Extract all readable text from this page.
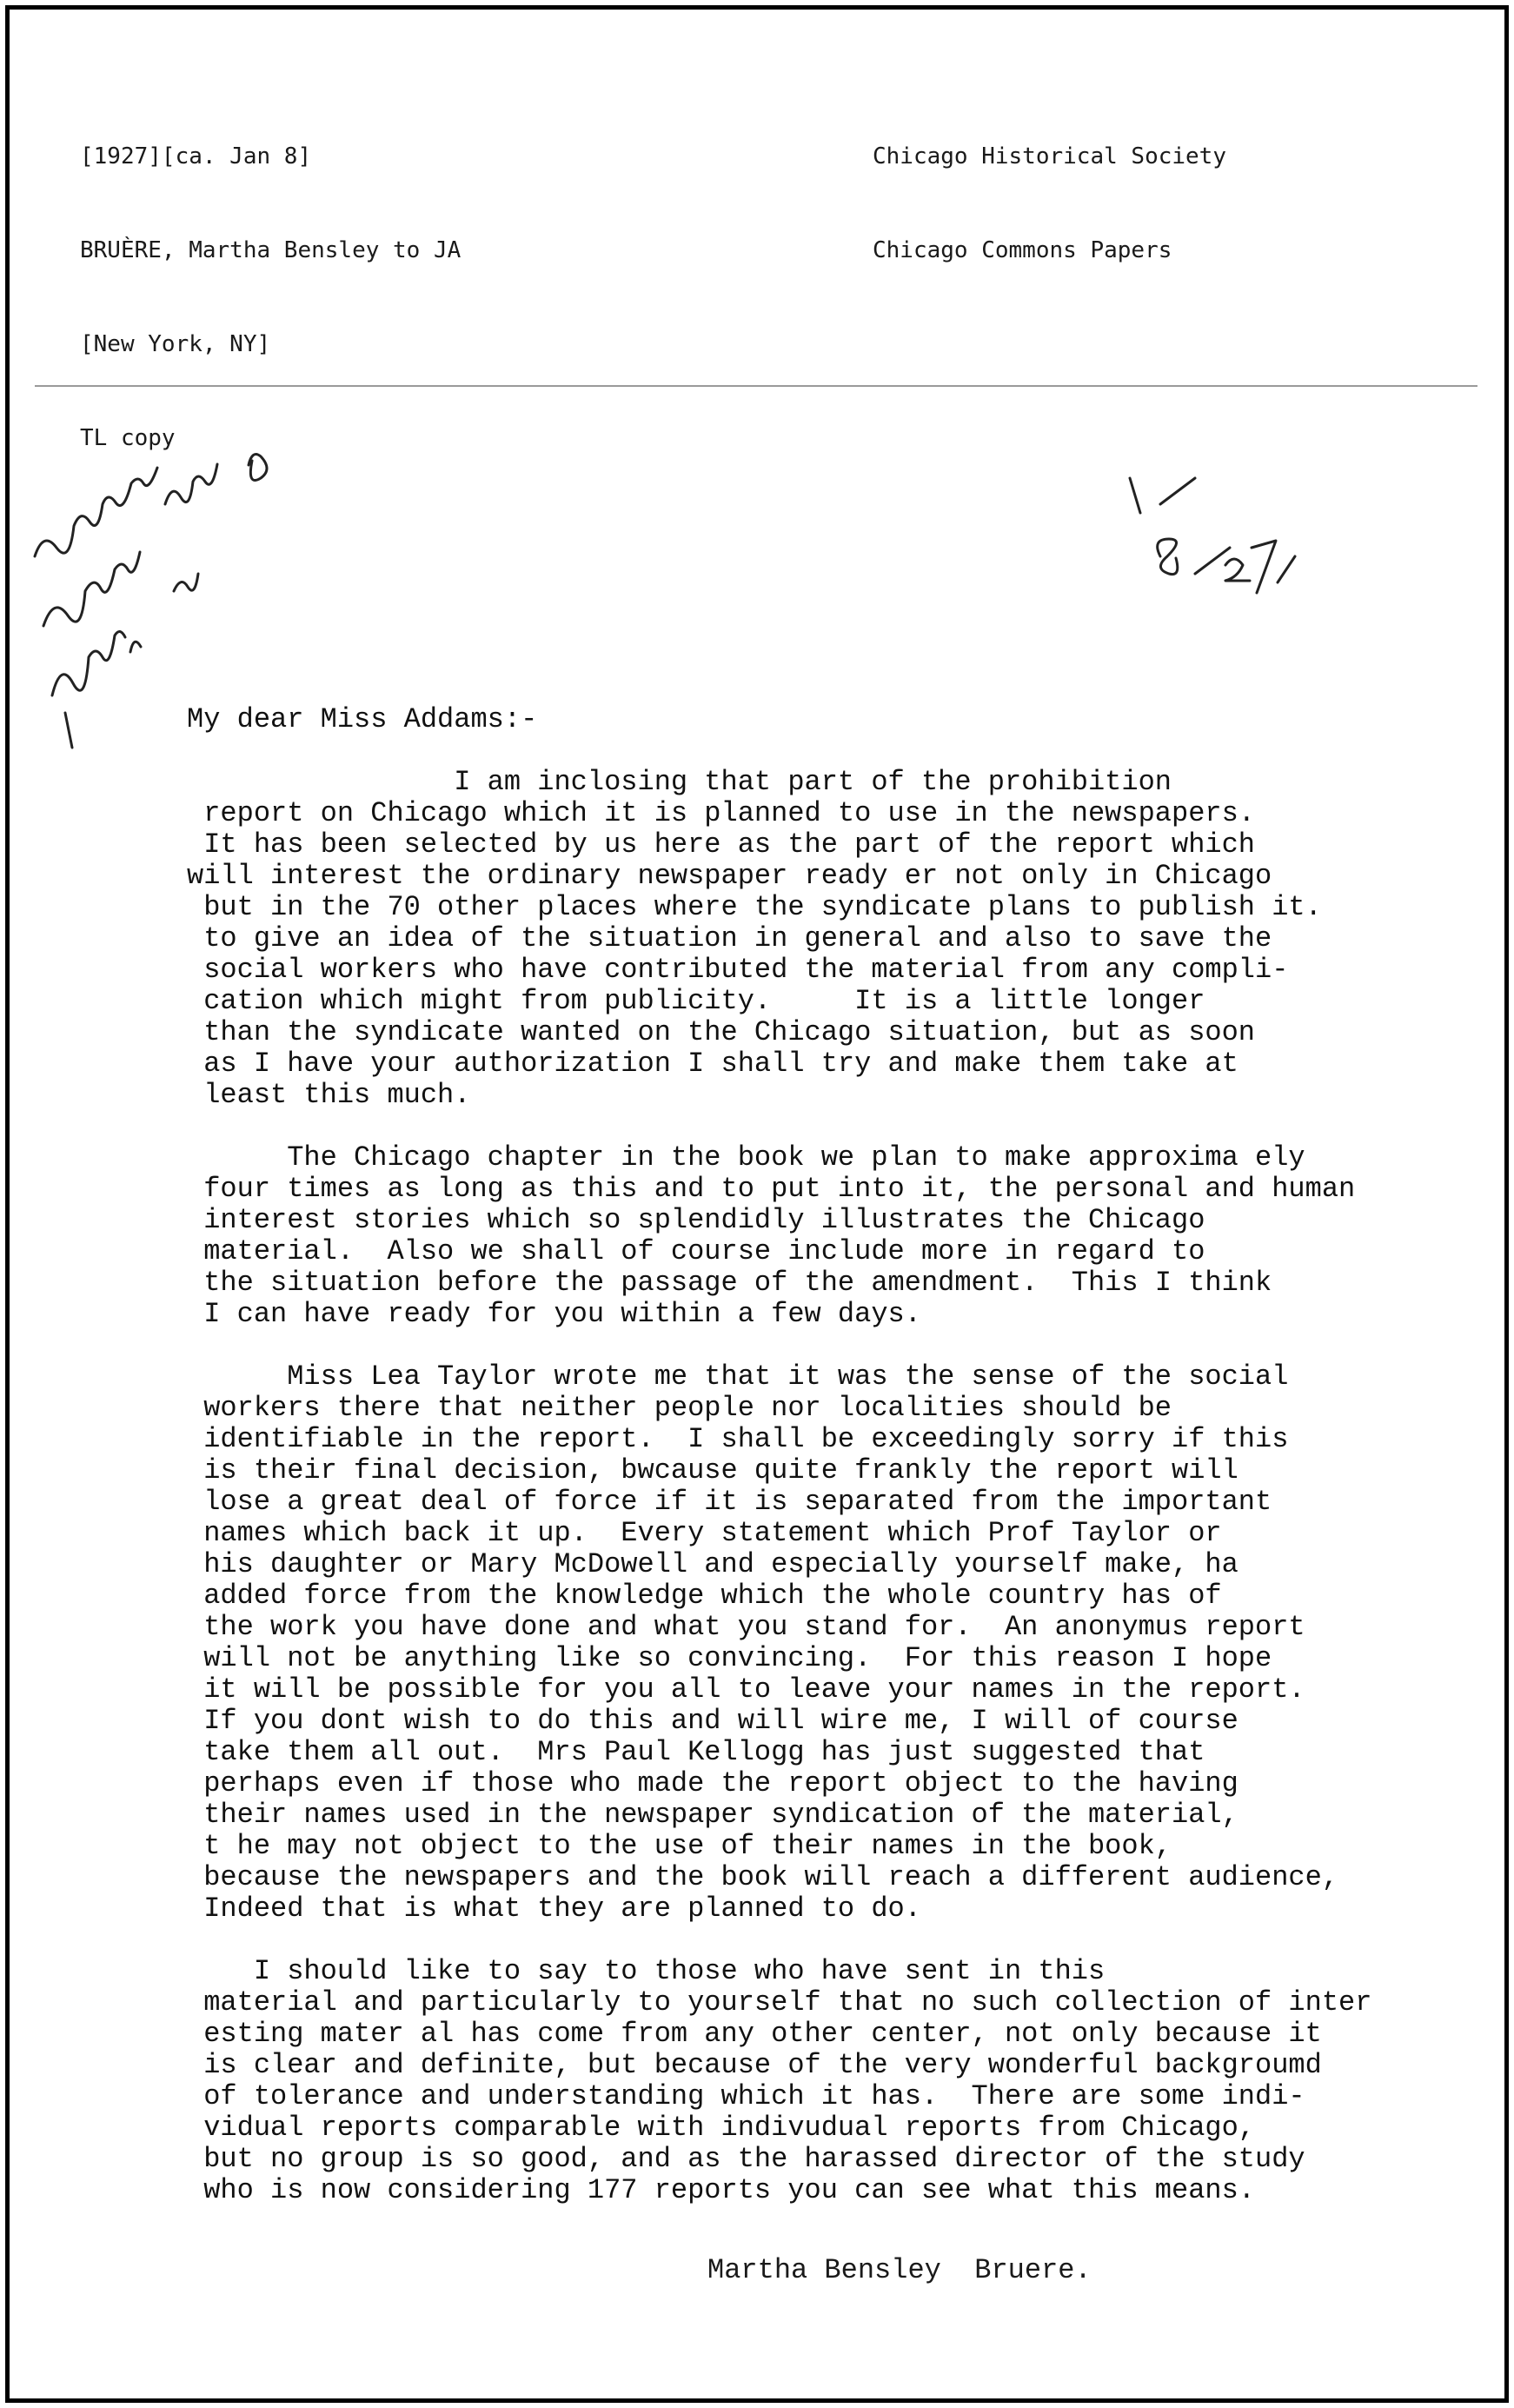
[1927][ca. Jan 8]

BRUÈRE, Martha Bensley to JA

[New York, NY]

TL copy

Chicago Historical Society

Chicago Commons Papers

My dear Miss Addams:-
I am inclosing that part of the prohibition
report on Chicago which it is planned to use in the newspapers.
It has been selected by us here as the part of the report which
will interest the ordinary newspaper ready er not only in Chicago
but in the 70 other places where the syndicate plans to publish it.
to give an idea of the situation in general and also to save the
social workers who have contributed the material from any compli-
cation which might from publicity.     It is a little longer
than the syndicate wanted on the Chicago situation, but as soon
as I have your authorization I shall try and make them take at
least this much.
The Chicago chapter in the book we plan to make approxima ely
four times as long as this and to put into it, the personal and human
interest stories which so splendidly illustrates the Chicago
material.  Also we shall of course include more in regard to
the situation before the passage of the amendment.  This I think
I can have ready for you within a few days.
Miss Lea Taylor wrote me that it was the sense of the social
workers there that neither people nor localities should be
identifiable in the report.  I shall be exceedingly sorry if this
is their final decision, bwcause quite frankly the report will
lose a great deal of force if it is separated from the important
names which back it up.  Every statement which Prof Taylor or
his daughter or Mary McDowell and especially yourself make, ha
added force from the knowledge which the whole country has of
the work you have done and what you stand for.  An anonymus report
will not be anything like so convincing.  For this reason I hope
it will be possible for you all to leave your names in the report.
If you dont wish to do this and will wire me, I will of course
take them all out.  Mrs Paul Kellogg has just suggested that
perhaps even if those who made the report object to the having
their names used in the newspaper syndication of the material,
t he may not object to the use of their names in the book,
because the newspapers and the book will reach a different audience,
Indeed that is what they are planned to do.
I should like to say to those who have sent in this
material and particularly to yourself that no such collection of inter
esting mater al has come from any other center, not only because it
is clear and definite, but because of the very wonderful backgroumd
of tolerance and understanding which it has.  There are some indi-
vidual reports comparable with indivudual reports from Chicago,
but no group is so good, and as the harassed director of the study
who is now considering 177 reports you can see what this means.
Martha Bensley  Bruere.
